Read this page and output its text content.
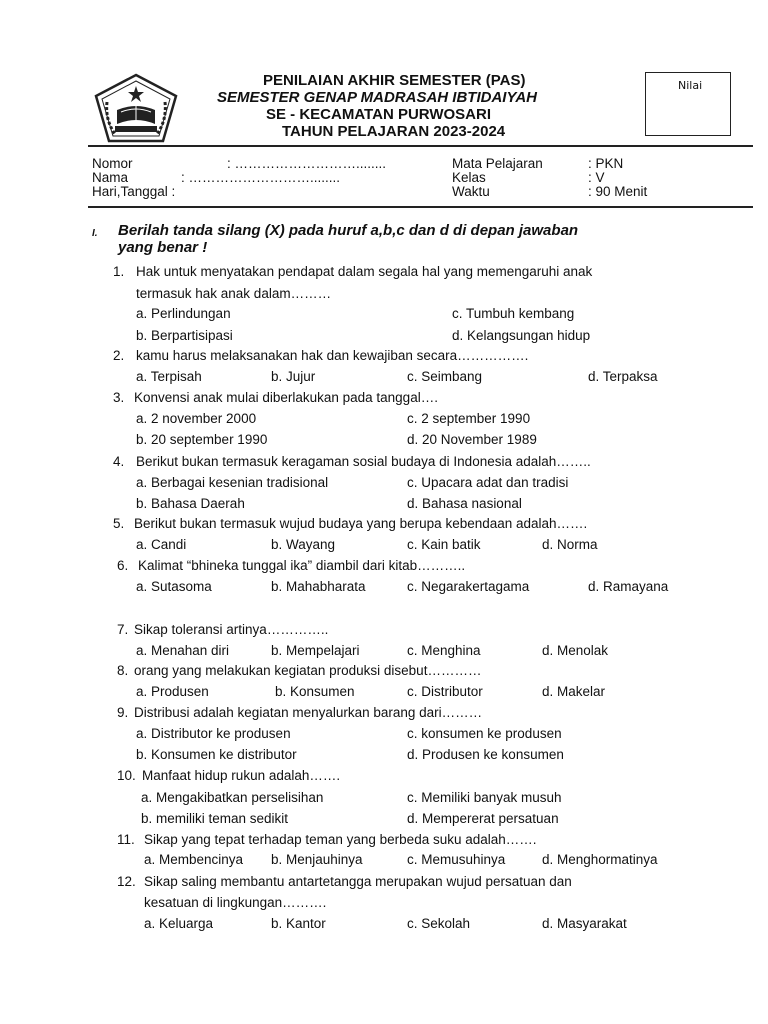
PENILAIAN AKHIR SEMESTER (PAS)
SEMESTER GENAP MADRASAH IBTIDAIYAH
SE - KECAMATAN PURWOSARI
TAHUN PELAJARAN 2023-2024
Nilai
Nomor	: ………………………........
Nama	: ………………………........
Hari,Tanggal :
Mata Pelajaran	: PKN
Kelas	: V
Waktu	: 90 Menit
I. Berilah tanda silang (X) pada huruf a,b,c dan d di depan jawaban
yang benar !
1. Hak untuk menyatakan pendapat dalam segala hal yang memengaruhi anak
termasuk hak anak dalam………
a. Perlindungan
b. Berpartisipasi
c. Tumbuh kembang
d. Kelangsungan hidup
2. kamu harus melaksanakan hak dan kewajiban secara…………….
a. Terpisah	b. Jujur	c. Seimbang	d. Terpaksa
3. Konvensi anak mulai diberlakukan pada tanggal….
a. 2 november 2000
b. 20 september 1990
c. 2 september 1990
d. 20 November 1989
4. Berikut bukan termasuk keragaman sosial budaya di Indonesia adalah……..
a. Berbagai kesenian tradisional
b. Bahasa Daerah
c. Upacara adat dan tradisi
d. Bahasa nasional
5. Berikut bukan termasuk wujud budaya yang berupa kebendaan adalah…….
a. Candi	b. Wayang	c. Kain batik	d. Norma
6. Kalimat “bhineka tunggal ika” diambil dari kitab………..
a. Sutasoma	b. Mahabharata	c. Negarakertagama	d. Ramayana
7. Sikap toleransi artinya…………..
a. Menahan diri	b. Mempelajari	c. Menghina	d. Menolak
8. orang yang melakukan kegiatan produksi disebut…………
a. Produsen	b. Konsumen	c. Distributor	d. Makelar
9. Distribusi adalah kegiatan menyalurkan barang dari………
a. Distributor ke produsen
b. Konsumen ke distributor
c. konsumen ke produsen
d. Produsen ke konsumen
10. Manfaat hidup rukun adalah…….
a. Mengakibatkan perselisihan
b. memiliki teman sedikit
c. Memiliki banyak musuh
d. Mempererat persatuan
11. Sikap yang tepat terhadap teman yang berbeda suku adalah…….
a. Membencinya b. Menjauhinya	c. Memusuhinya	d. Menghormatinya
12. Sikap saling membantu antartetangga merupakan wujud persatuan dan
kesatuan di lingkungan……….
a. Keluarga	b. Kantor	c. Sekolah	d. Masyarakat
